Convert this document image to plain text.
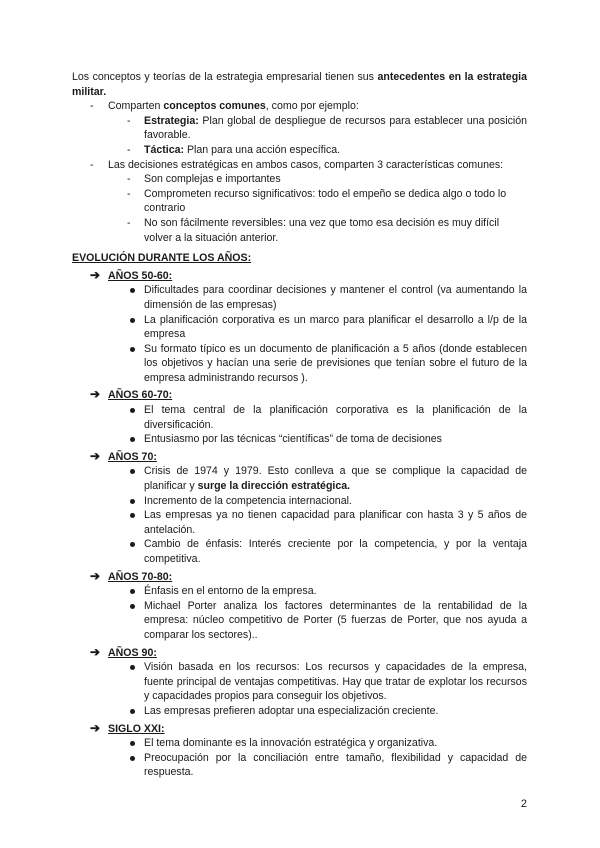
Los conceptos y teorías de la estrategia empresarial tienen sus antecedentes en la estrategia militar.

- Comparten conceptos comunes, como por ejemplo:

- Estrategia: Plan global de despliegue de recursos para establecer una posición favorable.

- Táctica: Plan para una acción específica.

- Las decisiones estratégicas en ambos casos, comparten 3 características comunes:

- Son complejas e importantes

- Comprometen recurso significativos: todo el empeño se dedica algo o todo lo contrario

- No son fácilmente reversibles: una vez que tomo esa decisión es muy difícil volver a la situación anterior.

EVOLUCIÓN DURANTE LOS AÑOS:

➔ AÑOS 50-60:

Dificultades para coordinar decisiones y mantener el control (va aumentando la dimensión de las empresas)

La planificación corporativa es un marco para planificar el desarrollo a l/p de la empresa

Su formato típico es un documento de planificación a 5 años (donde establecen los objetivos y hacían una serie de previsiones que tenían sobre el futuro de la empresa administrando recursos ).

➔ AÑOS 60-70:

El tema central de la planificación corporativa es la planificación de la diversificación.

Entusiasmo por las técnicas “científicas” de toma de decisiones

➔ AÑOS 70:

Crisis de 1974 y 1979. Esto conlleva a que se complique la capacidad de planificar y surge la dirección estratégica.

Incremento de la competencia internacional.

Las empresas ya no tienen capacidad para planificar con hasta 3 y 5 años de antelación.

Cambio de énfasis: Interés creciente por la competencia, y por la ventaja competitiva.

➔ AÑOS 70-80:

Énfasis en el entorno de la empresa.

Michael Porter analiza los factores determinantes de la rentabilidad de la empresa: núcleo competitivo de Porter (5 fuerzas de Porter, que nos ayuda a comparar los sectores)..

➔ AÑOS 90:

Visión basada en los recursos: Los recursos y capacidades de la empresa, fuente principal de ventajas competitivas. Hay que tratar de explotar los recursos y capacidades propios para conseguir los objetivos.

Las empresas prefieren adoptar una especialización creciente.

➔ SIGLO XXI:

El tema dominante es la innovación estratégica y organizativa.

Preocupación por la conciliación entre tamaño, flexibilidad y capacidad de respuesta.

2
